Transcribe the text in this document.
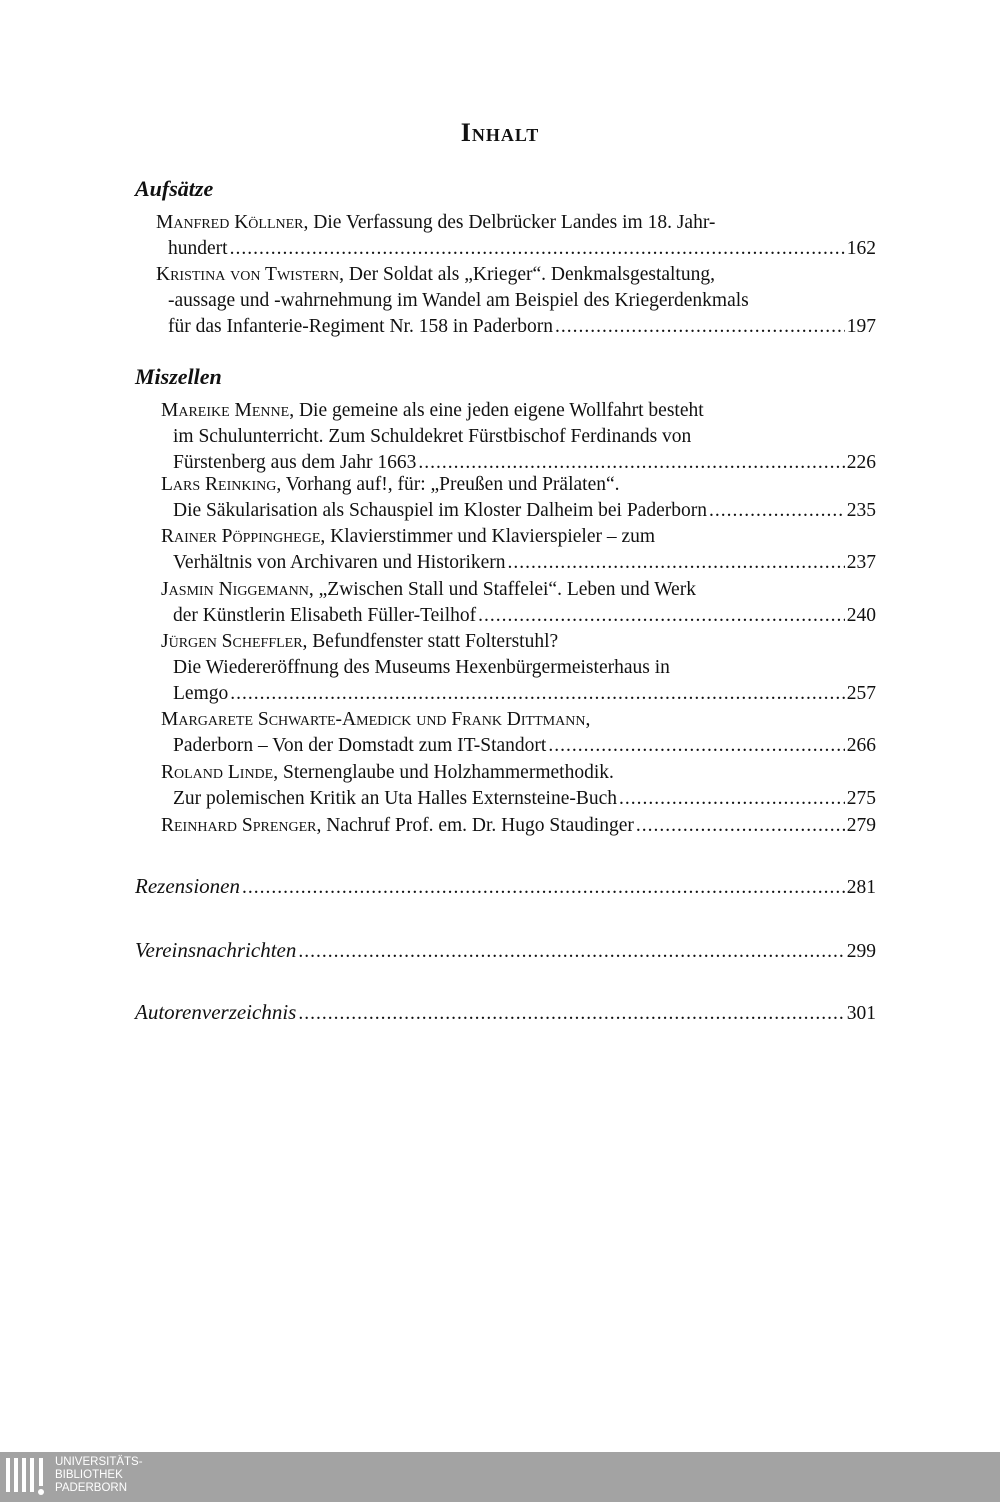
Inhalt
Aufsätze
Manfred Köllner, Die Verfassung des Delbrücker Landes im 18. Jahr-
hundert .....	162
Kristina von Twistern, Der Soldat als „Krieger“. Denkmalsgestaltung,
-aussage und -wahrnehmung im Wandel am Beispiel des Kriegerdenkmals
für das Infanterie-Regiment Nr. 158 in Paderborn .....	197
Miszellen
Mareike Menne, Die gemeine als eine jeden eigene Wollfahrt besteht
im Schulunterricht. Zum Schuldekret Fürstbischof Ferdinands von
Fürstenberg aus dem Jahr 1663 .....	226
Lars Reinking, Vorhang auf!, für: „Preußen und Prälaten“.
Die Säkularisation als Schauspiel im Kloster Dalheim bei Paderborn .....	235
Rainer Pöppinghege, Klavierstimmer und Klavierspieler – zum
Verhältnis von Archivaren und Historikern .....	237
Jasmin Niggemann, „Zwischen Stall und Staffelei“. Leben und Werk
der Künstlerin Elisabeth Füller-Teilhof .....	240
Jürgen Scheffler, Befundfenster statt Folterstuhl?
Die Wiedereröffnung des Museums Hexenbürgermeisterhaus in
Lemgo .....	257
Margarete Schwarte-Amedick und Frank Dittmann,
Paderborn – Von der Domstadt zum IT-Standort .....	266
Roland Linde, Sternenglaube und Holzhammermethodik.
Zur polemischen Kritik an Uta Halles Externsteine-Buch .....	275
Reinhard Sprenger, Nachruf Prof. em. Dr. Hugo Staudinger .....	279
Rezensionen .....	281
Vereinsnachrichten .....	299
Autorenverzeichnis .....	301
UNIVERSITÄTS-
BIBLIOTHEK
PADERBORN
